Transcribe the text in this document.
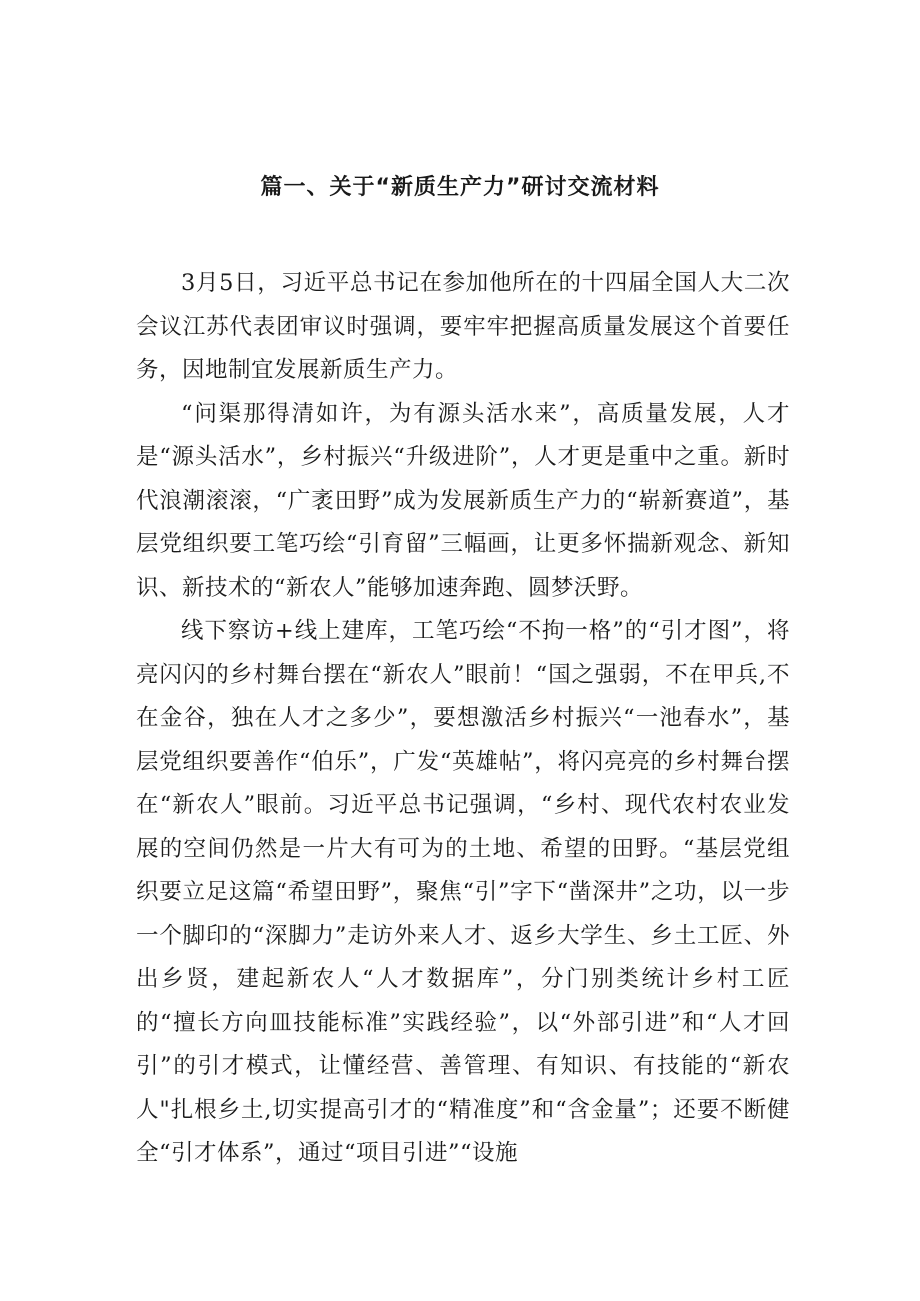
篇一、关于“新质生产力”研讨交流材料

3月5日，习近平总书记在参加他所在的十四届全国人大二次会议江苏代表团审议时强调，要牢牢把握高质量发展这个首要任务，因地制宜发展新质生产力。

“问渠那得清如许，为有源头活水来”，高质量发展，人才是“源头活水”，乡村振兴“升级进阶”，人才更是重中之重。新时代浪潮滚滚，“广袤田野”成为发展新质生产力的“崭新赛道”，基层党组织要工笔巧绘“引育留”三幅画，让更多怀揣新观念、新知识、新技术的“新农人”能够加速奔跑、圆梦沃野。

线下察访+线上建库，工笔巧绘“不拘一格”的“引才图”，将亮闪闪的乡村舞台摆在“新农人”眼前！“国之强弱，不在甲兵,不在金谷，独在人才之多少”，要想激活乡村振兴“一池春水”，基层党组织要善作“伯乐”，广发“英雄帖”，将闪亮亮的乡村舞台摆在“新农人”眼前。习近平总书记强调，“乡村、现代农村农业发展的空间仍然是一片大有可为的土地、希望的田野。“基层党组织要立足这篇“希望田野”，聚焦“引”字下“凿深井”之功，以一步一个脚印的“深脚力”走访外来人才、返乡大学生、乡土工匠、外出乡贤，建起新农人“人才数据库”，分门别类统计乡村工匠的“擅长方向皿技能标准”实践经验”，以“外部引进”和“人才回引”的引才模式，让懂经营、善管理、有知识、有技能的“新农人"扎根乡土,切实提高引才的“精准度”和“含金量”；还要不断健全“引才体系”，通过“项目引进”“设施
